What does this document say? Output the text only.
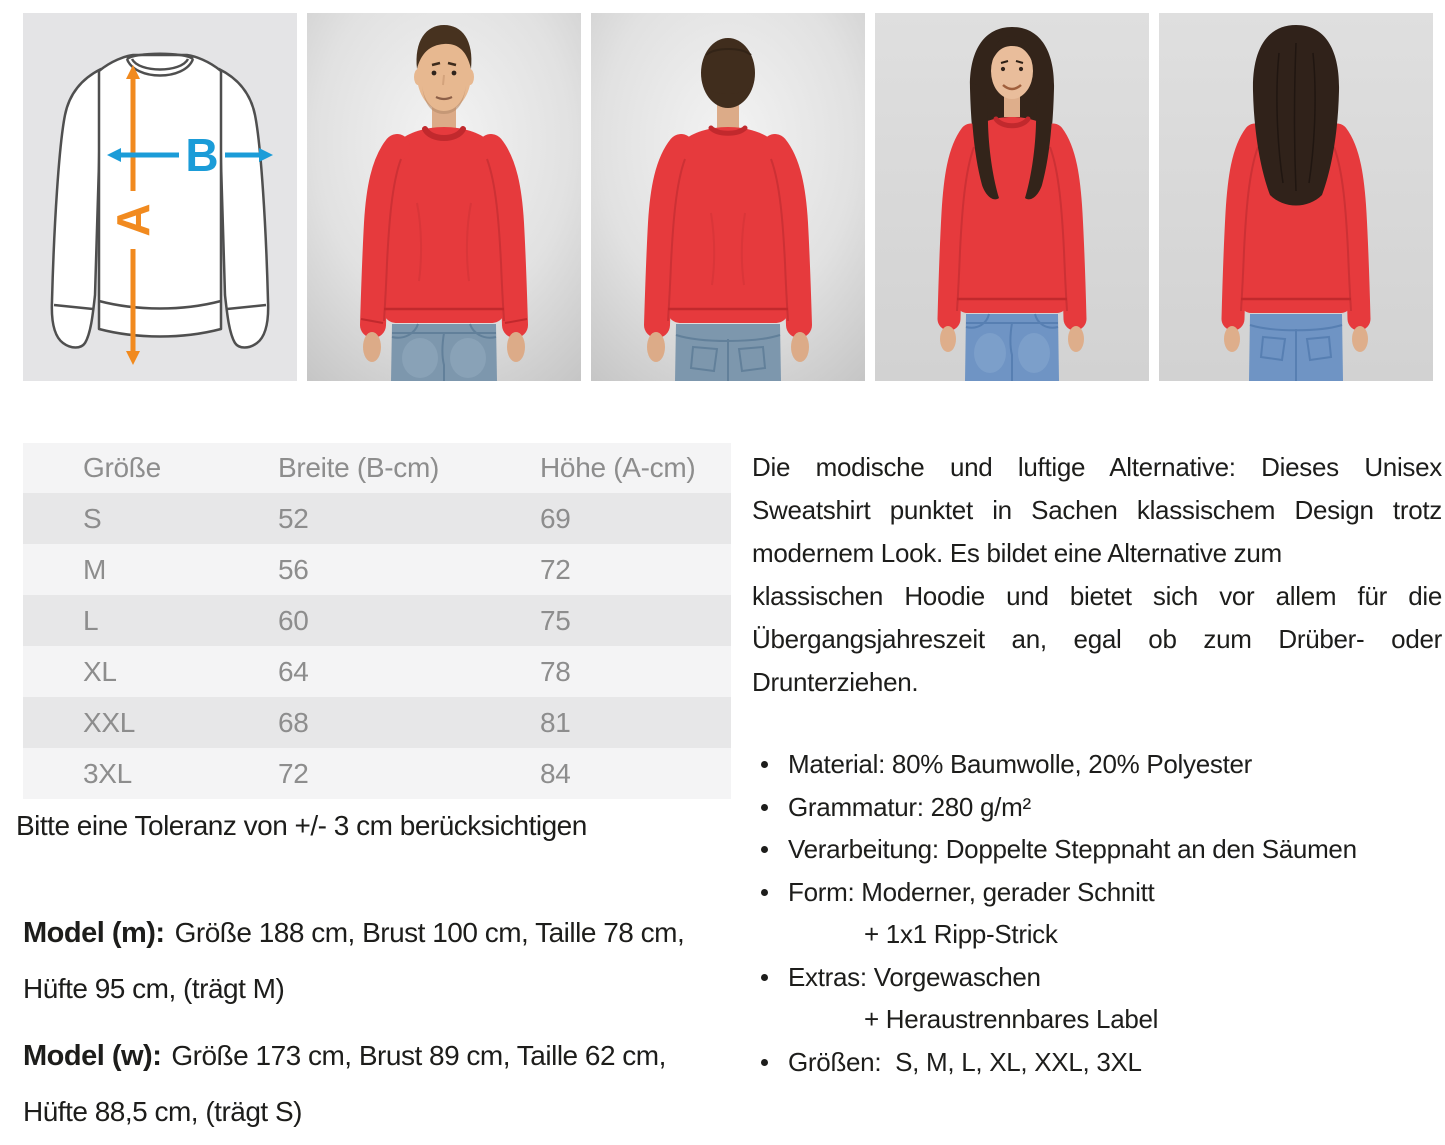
A
B
Größe	Breite (B-cm)	Höhe (A-cm)
S	52	69
M	56	72
L	60	75
XL	64	78
XXL	68	81
3XL	72	84
Bitte eine Toleranz von +/- 3 cm berücksichtigen
Model (m): Größe 188 cm, Brust 100 cm, Taille 78 cm,
Hüfte 95 cm, (trägt M)
Model (w): Größe 173 cm, Brust 89 cm, Taille 62 cm,
Hüfte 88,5 cm, (trägt S)
Die modische und luftige Alternative: Dieses Unisex
Sweatshirt punktet in Sachen klassischem Design trotz
modernem Look. Es bildet eine Alternative zum
klassischen Hoodie und bietet sich vor allem für die
Übergangsjahreszeit an, egal ob zum Drüber- oder
Drunterziehen.
Material: 80% Baumwolle, 20% Polyester
Grammatur: 280 g/m²
Verarbeitung: Doppelte Steppnaht an den Säumen
Form: Moderner, gerader Schnitt
+ 1x1 Ripp-Strick
Extras: Vorgewaschen
+ Heraustrennbares Label
Größen:  S, M, L, XL, XXL, 3XL
